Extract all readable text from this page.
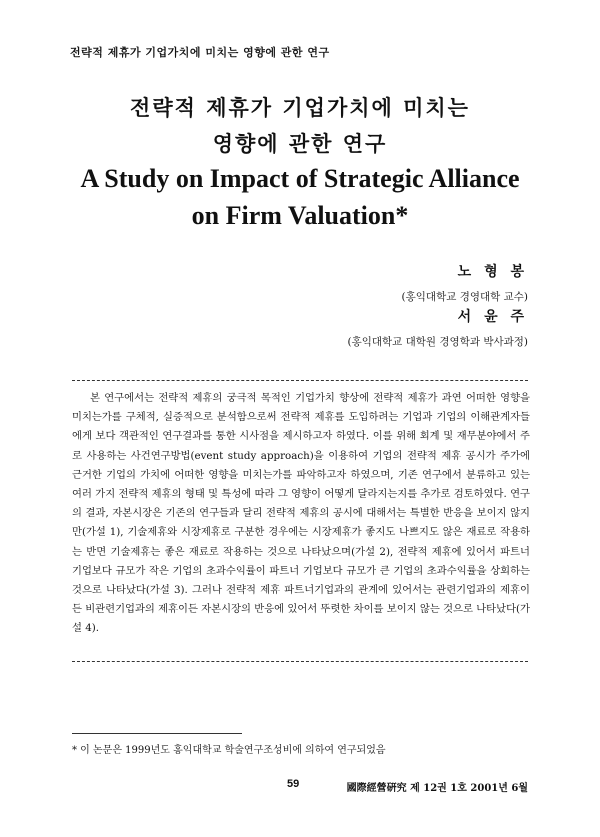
전략적 제휴가 기업가치에 미치는 영향에 관한 연구
전략적 제휴가 기업가치에 미치는
영향에 관한 연구
A Study on Impact of Strategic Alliance
on Firm Valuation*
노 형 봉
(홍익대학교 경영대학 교수)
서 윤 주
(홍익대학교 대학원 경영학과 박사과정)

본 연구에서는 전략적 제휴의 궁극적 목적인 기업가치 향상에 전략적 제휴가 과연 어떠한 영향을 미치는가를 구체적, 실증적으로 분석함으로써 전략적 제휴를 도입하려는 기업과 기업의 이해관계자들에게 보다 객관적인 연구결과를 통한 시사점을 제시하고자 하였다. 이를 위해 회계 및 재무분야에서 주로 사용하는 사건연구방법(event study approach)을 이용하여 기업의 전략적 제휴 공시가 주가에 근거한 기업의 가치에 어떠한 영향을 미치는가를 파악하고자 하였으며, 기존 연구에서 분류하고 있는 여러 가지 전략적 제휴의 형태 및 특성에 따라 그 영향이 어떻게 달라지는지를 추가로 검토하였다. 연구의 결과, 자본시장은 기존의 연구들과 달리 전략적 제휴의 공시에 대해서는 특별한 반응을 보이지 않지만(가설 1), 기술제휴와 시장제휴로 구분한 경우에는 시장제휴가 좋지도 나쁘지도 않은 재료로 작용하는 반면 기술제휴는 좋은 재료로 작용하는 것으로 나타났으며(가설 2), 전략적 제휴에 있어서 파트너 기업보다 규모가 작은 기업의 초과수익률이 파트너 기업보다 규모가 큰 기업의 초과수익률을 상회하는 것으로 나타났다(가설 3). 그러나 전략적 제휴 파트너기업과의 관계에 있어서는 관련기업과의 제휴이든 비관련기업과의 제휴이든 자본시장의 반응에 있어서 뚜렷한 차이를 보이지 않는 것으로 나타났다(가설 4).

* 이 논문은 1999년도 홍익대학교 학술연구조성비에 의하여 연구되었음
59	國際經營硏究 제 12권 1호 2001년 6월
